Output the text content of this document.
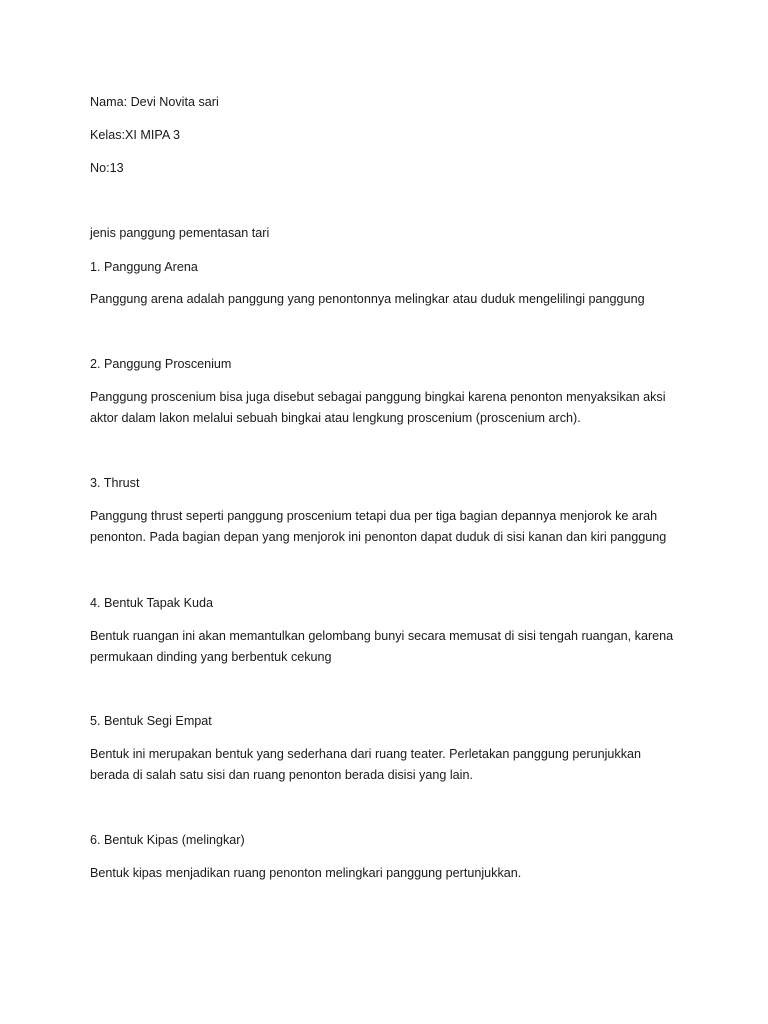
Nama: Devi Novita sari
Kelas:XI MIPA 3
No:13
jenis panggung pementasan tari
1. Panggung Arena
Panggung arena adalah panggung yang penontonnya melingkar atau duduk mengelilingi panggung
2. Panggung Proscenium
Panggung proscenium bisa juga disebut sebagai panggung bingkai karena penonton menyaksikan aksi
aktor dalam lakon melalui sebuah bingkai atau lengkung proscenium (proscenium arch).
3. Thrust
Panggung thrust seperti panggung proscenium tetapi dua per tiga bagian depannya menjorok ke arah
penonton. Pada bagian depan yang menjorok ini penonton dapat duduk di sisi kanan dan kiri panggung
4. Bentuk Tapak Kuda
Bentuk ruangan ini akan memantulkan gelombang bunyi secara memusat di sisi tengah ruangan, karena
permukaan dinding yang berbentuk cekung
5. Bentuk Segi Empat
Bentuk ini merupakan bentuk yang sederhana dari ruang teater. Perletakan panggung perunjukkan
berada di salah satu sisi dan ruang penonton berada disisi yang lain.
6. Bentuk Kipas (melingkar)
Bentuk kipas menjadikan ruang penonton melingkari panggung pertunjukkan.
